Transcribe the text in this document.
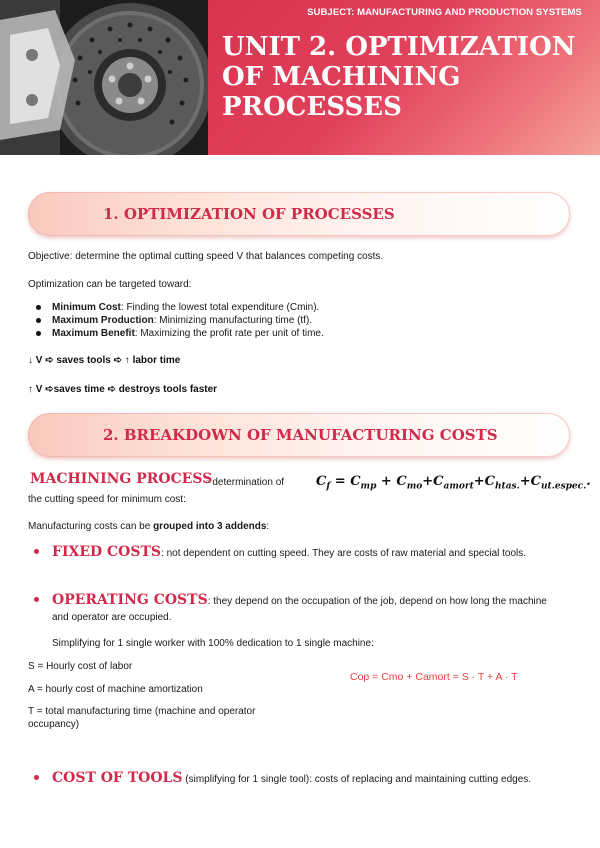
SUBJECT: MANUFACTURING AND PRODUCTION SYSTEMS
UNIT 2. OPTIMIZATION OF MACHINING PROCESSES
1. OPTIMIZATION OF PROCESSES
Objective: determine the optimal cutting speed V that balances competing costs.
Optimization can be targeted toward:
Minimum Cost: Finding the lowest total expenditure (Cmin).
Maximum Production: Minimizing manufacturing time (tf).
Maximum Benefit: Maximizing the profit rate per unit of time.
↓ V ➪ saves tools ➪ ↑ labor time
↑ V ➪saves time ➪ destroys tools faster
2. BREAKDOWN OF MANUFACTURING COSTS
MACHINING PROCESS
▫ determination of
the cutting speed for minimum cost:
$C_f = C_{mp} + C_{mo}+C_{amort}+C_{htas.}+C_{ut.espec.}$.
Manufacturing costs can be grouped into 3 addends:
FIXED COSTS: not dependent on cutting speed. They are costs of raw material and special tools.
OPERATING COSTS: they depend on the occupation of the job, depend on how long the machine
and operator are occupied.
Simplifying for 1 single worker with 100% dedication to 1 single machine:
S = Hourly cost of labor
A = hourly cost of machine amortization
T = total manufacturing time (machine and operator occupancy)
Cop = Cmo + Camort = S · T + A · T
COST OF TOOLS (simplifying for 1 single tool): costs of replacing and maintaining cutting edges.
